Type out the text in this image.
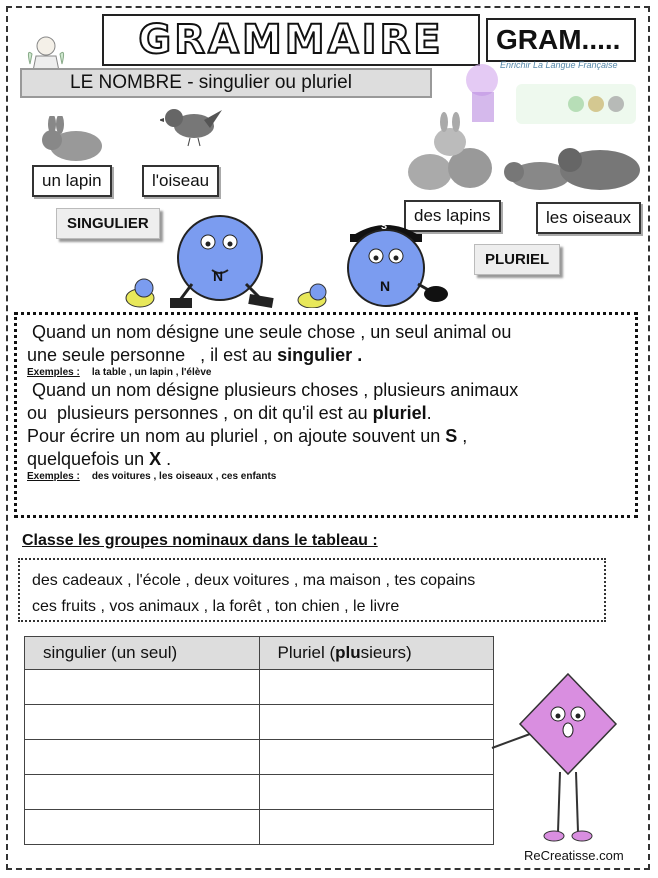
GRAMMAIRE GRAM.....
LE NOMBRE - singulier ou pluriel
Enrichir La Langue Française
un lapin	l'oiseau
des lapins	les oiseaux
SINGULIER
PLURIEL
N
S
N
Quand un nom désigne une seule chose , un seul animal ou
une seule personne   , il est au singulier .
Exemples : la table , un lapin , l'élève
Quand un nom désigne plusieurs choses , plusieurs animaux
ou  plusieurs personnes , on dit qu'il est au pluriel.
Pour écrire un nom au pluriel , on ajoute souvent un S ,
quelquefois un X .
Exemples : des voitures , les oiseaux , ces enfants
Classe les groupes nominaux dans le tableau :
des cadeaux , l'école , deux voitures , ma maison , tes copains
ces fruits , vos animaux , la forêt , ton chien , le livre
singulier (un seul)	Pluriel (plusieurs)

ReCreatisse.com
